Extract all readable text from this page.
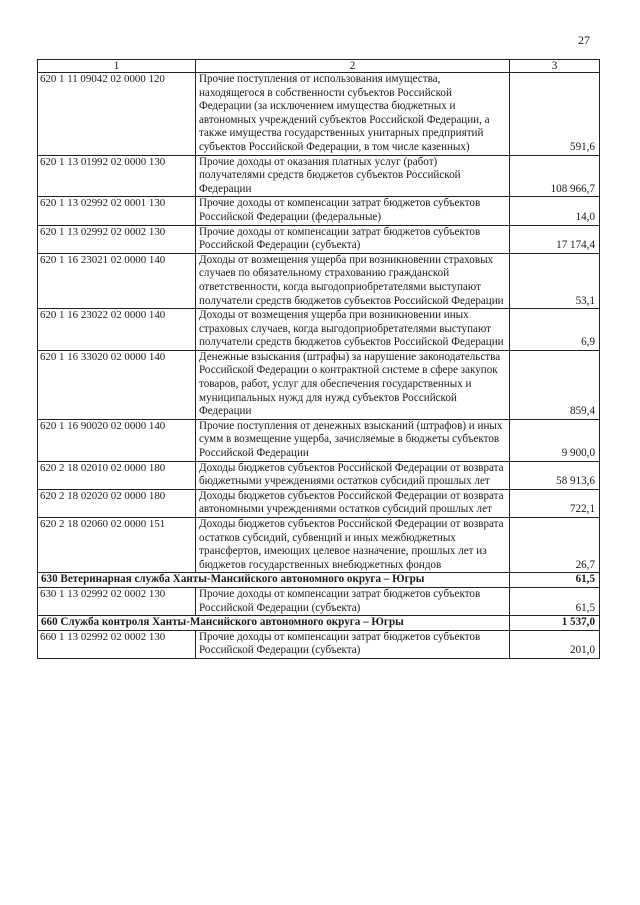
27
1	2	3
620 1 11 09042 02 0000 120	Прочие поступления от использования имущества, находящегося в собственности субъектов Российской Федерации (за исключением имущества бюджетных и автономных учреждений субъектов Российской Федерации, а также имущества государственных унитарных предприятий субъектов Российской Федерации, в том числе казенных)	591,6
620 1 13 01992 02 0000 130	Прочие доходы от оказания платных услуг (работ) получателями средств бюджетов субъектов Российской Федерации	108 966,7
620 1 13 02992 02 0001 130	Прочие доходы от компенсации затрат бюджетов субъектов Российской Федерации (федеральные)	14,0
620 1 13 02992 02 0002 130	Прочие доходы от компенсации затрат бюджетов субъектов Российской Федерации (субъекта)	17 174,4
620 1 16 23021 02 0000 140	Доходы от возмещения ущерба при возникновении страховых случаев по обязательному страхованию гражданской ответственности, когда выгодоприобретателями выступают получатели средств бюджетов субъектов Российской Федерации	53,1
620 1 16 23022 02 0000 140	Доходы от возмещения ущерба при возникновении иных страховых случаев, когда выгодоприобретателями выступают получатели средств бюджетов субъектов Российской Федерации	6,9
620 1 16 33020 02 0000 140	Денежные взыскания (штрафы) за нарушение законодательства Российской Федерации о контрактной системе в сфере закупок товаров, работ, услуг для обеспечения государственных и муниципальных нужд для нужд субъектов Российской Федерации	859,4
620 1 16 90020 02 0000 140	Прочие поступления от денежных взысканий (штрафов) и иных сумм в возмещение ущерба, зачисляемые в бюджеты субъектов Российской Федерации	9 900,0
620 2 18 02010 02 0000 180	Доходы бюджетов субъектов Российской Федерации от возврата бюджетными учреждениями остатков субсидий прошлых лет	58 913,6
620 2 18 02020 02 0000 180	Доходы бюджетов субъектов Российской Федерации от возврата автономными учреждениями остатков субсидий прошлых лет	722,1
620 2 18 02060 02 0000 151	Доходы бюджетов субъектов Российской Федерации от возврата остатков субсидий, субвенций и иных межбюджетных трансфертов, имеющих целевое назначение, прошлых лет из бюджетов государственных внебюджетных фондов	26,7
630 Ветеринарная служба Ханты-Мансийского автономного округа – Югры		61,5
630 1 13 02992 02 0002 130	Прочие доходы от компенсации затрат бюджетов субъектов Российской Федерации (субъекта)	61,5
660 Служба контроля Ханты-Мансийского автономного округа – Югры		1 537,0
660 1 13 02992 02 0002 130	Прочие доходы от компенсации затрат бюджетов субъектов Российской Федерации (субъекта)	201,0
